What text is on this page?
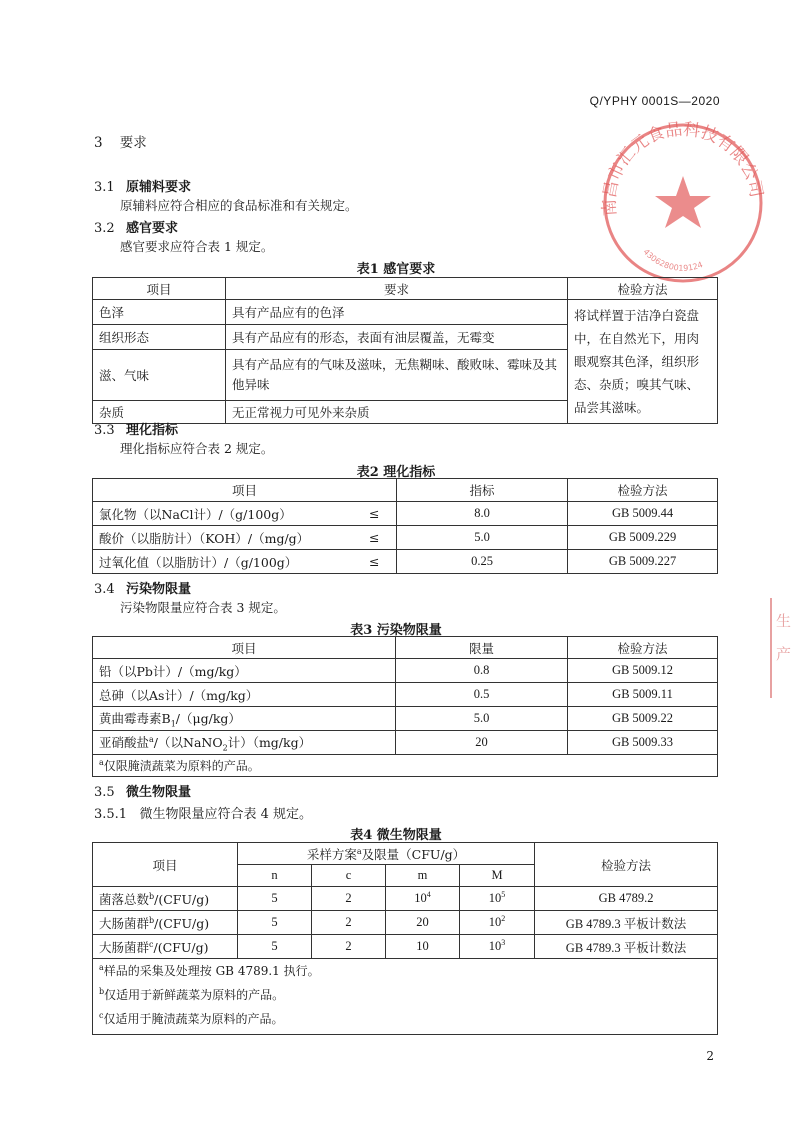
Q/YPHY 0001S—2020
南昌市汇元食品科技有限公司
4306280019124
3 要求
3.1 原辅料要求
原辅料应符合相应的食品标准和有关规定。
3.2 感官要求
感官要求应符合表 1 规定。
表1 感官要求
项目	要求	检验方法
色泽	具有产品应有的色泽	将试样置于洁净白瓷盘中，在自然光下，用肉眼观察其色泽，组织形态、杂质；嗅其气味、品尝其滋味。
组织形态	具有产品应有的形态，表面有油层覆盖，无霉变	
滋、气味	具有产品应有的气味及滋味，无焦糊味、酸败味、霉味及其他异味	
杂质	无正常视力可见外来杂质	
3.3 理化指标
理化指标应符合表 2 规定。
表2 理化指标
项目		指标	检验方法
氯化物（以NaCl计）/（g/100g）	≤	8.0	GB 5009.44
酸价（以脂肪计）（KOH）/（mg/g）	≤	5.0	GB 5009.229
过氧化值（以脂肪计）/（g/100g）	≤	0.25	GB 5009.227
3.4 污染物限量
污染物限量应符合表 3 规定。
表3 污染物限量
项目	限量	检验方法
铅（以Pb计）/（mg/kg）	0.8	GB 5009.12
总砷（以As计）/（mg/kg）	0.5	GB 5009.11
黄曲霉毒素$B_1/(\mu g/kg)$	5.0	GB 5009.22
亚硝酸盐$^a$/（以NaNO$_2$计）（mg/kg）	20	GB 5009.33
$^a$仅限腌渍蔬菜为原料的产品。		
3.5 微生物限量
3.5.1 微生物限量应符合表 4 规定。
表4 微生物限量
项目	采样方案$^a$及限量（CFU/g）				检验方法
	n	c	m	M	
菌落总数$^b$/(CFU/g)	5	2	$10^4$	$10^5$	GB 4789.2
大肠菌群$^b$/(CFU/g)	5	2	20	$10^2$	GB 4789.3 平板计数法
大肠菌群$^c$/(CFU/g)	5	2	10	$10^3$	GB 4789.3 平板计数法

$^a$样品的采集及处理按 GB 4789.1 执行。
$^b$仅适用于新鲜蔬菜为原料的产品。
$^c$仅适用于腌渍蔬菜为原料的产品。					
生
产
2
